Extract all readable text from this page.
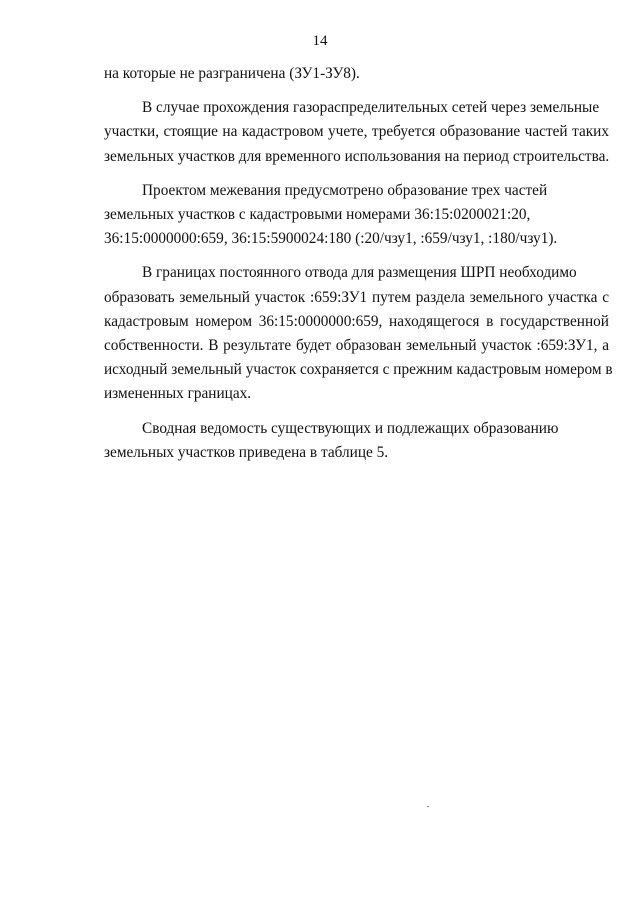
14
на которые не разграничена (ЗУ1-ЗУ8).
В случае прохождения газораспределительных сетей через земельные
участки, стоящие на кадастровом учете, требуется образование частей таких
земельных участков для временного использования на период строительства.
Проектом межевания предусмотрено образование трех частей
земельных участков с кадастровыми номерами 36:15:0200021:20,
36:15:0000000:659, 36:15:5900024:180 (:20/чзу1, :659/чзу1, :180/чзу1).
В границах постоянного отвода для размещения ШРП необходимо
образовать земельный участок :659:ЗУ1 путем раздела земельного участка с
кадастровым номером 36:15:0000000:659, находящегося в государственной
собственности. В результате будет образован земельный участок :659:ЗУ1, а
исходный земельный участок сохраняется с прежним кадастровым номером в
измененных границах.
Сводная ведомость существующих и подлежащих образованию
земельных участков приведена в таблице 5.
